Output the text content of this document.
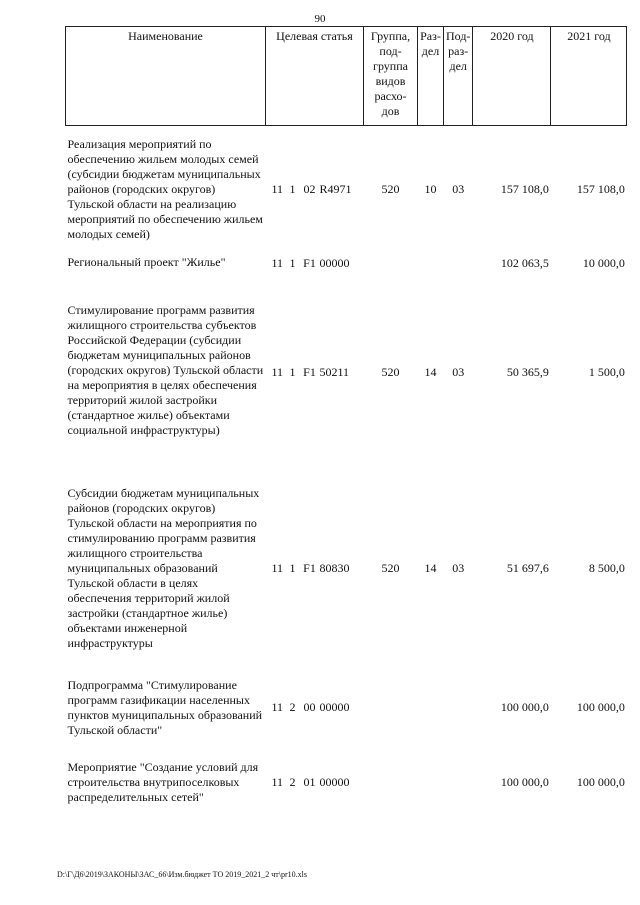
90
Наименование	Целевая статья	Группа, под-группа видов расхо-дов	Раз-дел	Под-раз-дел	2020 год	2021 год
Реализация мероприятий по обеспечению жильем молодых семей (субсидии бюджетам муниципальных районов (городских округов) Тульской области на реализацию мероприятий по обеспечению жильем молодых семей)	11 1 02 R4971	520	10	03	157 108,0	157 108,0
Региональный проект "Жилье"	11 1 F1 00000				102 063,5	10 000,0
Стимулирование программ развития жилищного строительства субъектов Российской Федерации (субсидии бюджетам муниципальных районов (городских округов) Тульской области на мероприятия в целях обеспечения территорий жилой застройки (стандартное жилье) объектами социальной инфраструктуры)	11 1 F1 50211	520	14	03	50 365,9	1 500,0
Субсидии бюджетам муниципальных районов (городских округов) Тульской области на мероприятия по стимулированию программ развития жилищного строительства муниципальных образований Тульской области в целях обеспечения территорий жилой застройки (стандартное жилье) объектами инженерной инфраструктуры	11 1 F1 80830	520	14	03	51 697,6	8 500,0
Подпрограмма "Стимулирование программ газификации населенных пунктов муниципальных образований Тульской области"	11 2 00 00000				100 000,0	100 000,0
Мероприятие "Создание условий для строительства внутрипоселковых распределительных сетей"	11 2 01 00000				100 000,0	100 000,0
D:\Г\Д6\2019\ЗАКОНЫ\ЗАС_66\Изм.бюджет ТО 2019_2021_2 чт\pr10.xls
